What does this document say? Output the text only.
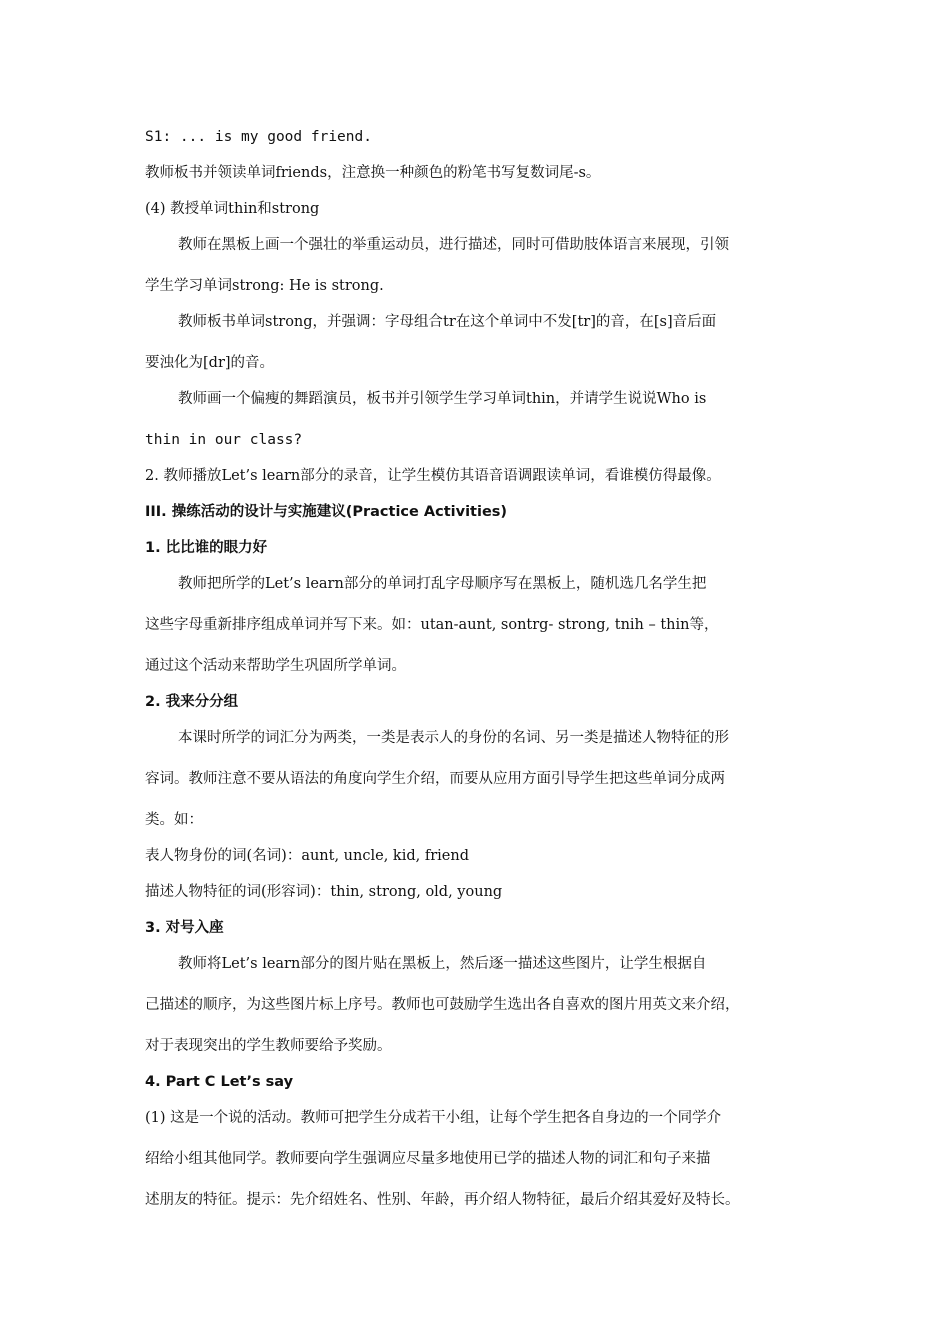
S1: ... is my good friend.
教师板书并领读单词friends，注意换一种颜色的粉笔书写复数词尾-s。
(4) 教授单词thin和strong
教师在黑板上画一个强壮的举重运动员，进行描述，同时可借助肢体语言来展现，引领
学生学习单词strong: He is strong.
教师板书单词strong，并强调：字母组合tr在这个单词中不发[tr]的音，在[s]音后面
要浊化为[dr]的音。
教师画一个偏瘦的舞蹈演员，板书并引领学生学习单词thin，并请学生说说Who is
thin in our class?
2. 教师播放Let’s learn部分的录音，让学生模仿其语音语调跟读单词，看谁模仿得最像。
III. 操练活动的设计与实施建议(Practice Activities)
1. 比比谁的眼力好
教师把所学的Let’s learn部分的单词打乱字母顺序写在黑板上，随机选几名学生把
这些字母重新排序组成单词并写下来。如：utan-aunt, sontrg- strong, tnih – thin等，
通过这个活动来帮助学生巩固所学单词。
2. 我来分分组
本课时所学的词汇分为两类，一类是表示人的身份的名词、另一类是描述人物特征的形
容词。教师注意不要从语法的角度向学生介绍，而要从应用方面引导学生把这些单词分成两
类。如：
表人物身份的词(名词)：aunt, uncle, kid, friend
描述人物特征的词(形容词)：thin, strong, old, young
3. 对号入座
教师将Let’s learn部分的图片贴在黑板上，然后逐一描述这些图片，让学生根据自
己描述的顺序，为这些图片标上序号。教师也可鼓励学生选出各自喜欢的图片用英文来介绍，
对于表现突出的学生教师要给予奖励。
4. Part C Let’s say
(1) 这是一个说的活动。教师可把学生分成若干小组，让每个学生把各自身边的一个同学介
绍给小组其他同学。教师要向学生强调应尽量多地使用已学的描述人物的词汇和句子来描
述朋友的特征。提示：先介绍姓名、性别、年龄，再介绍人物特征，最后介绍其爱好及特长。
